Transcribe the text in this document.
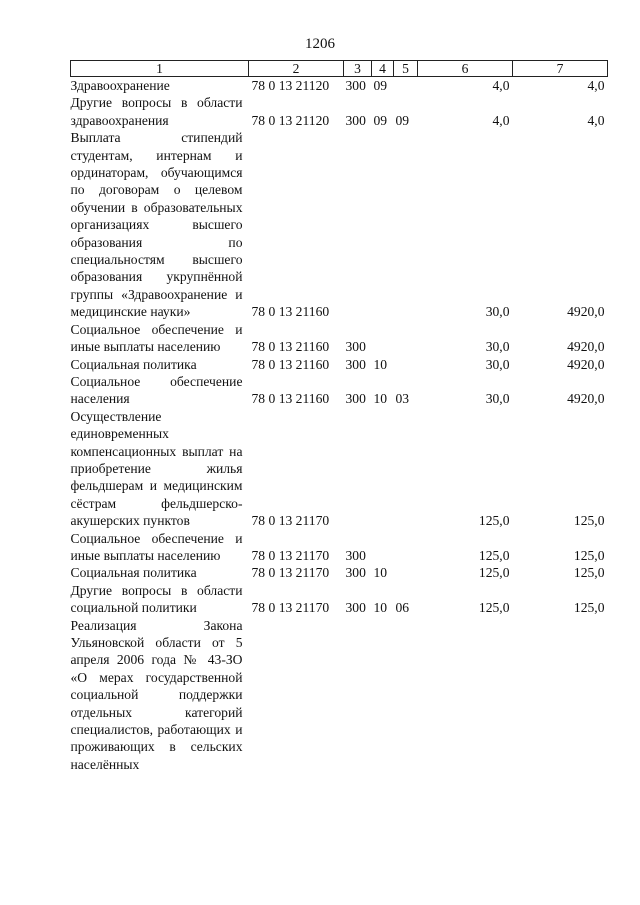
1206
1	2	3	4	5	6	7
Здравоохранение	78 0 13 21120	300	09		4,0	4,0
Другие вопросы в области здравоохранения	78 0 13 21120	300	09	09	4,0	4,0
Выплата стипендий студентам, интернам и ординаторам, обучающимся по договорам о целевом обучении в образовательных организациях высшего образования по специальностям высшего образования укрупнённой группы «Здравоохранение и медицинские науки»	78 0 13 21160				30,0	4920,0
Социальное обеспечение и иные выплаты населению	78 0 13 21160	300			30,0	4920,0
Социальная политика	78 0 13 21160	300	10		30,0	4920,0
Социальное обеспечение населения	78 0 13 21160	300	10	03	30,0	4920,0
Осуществление единовременных компенсационных выплат на приобретение жилья фельдшерам и медицинским сёстрам фельдшерско-акушерских пунктов	78 0 13 21170				125,0	125,0
Социальное обеспечение и иные выплаты населению	78 0 13 21170	300			125,0	125,0
Социальная политика	78 0 13 21170	300	10		125,0	125,0
Другие вопросы в области социальной политики	78 0 13 21170	300	10	06	125,0	125,0
Реализация Закона Ульяновской области от 5 апреля 2006 года № 43-ЗО «О мерах государственной социальной поддержки отдельных категорий специалистов, работающих и проживающих в сельских населённых						
